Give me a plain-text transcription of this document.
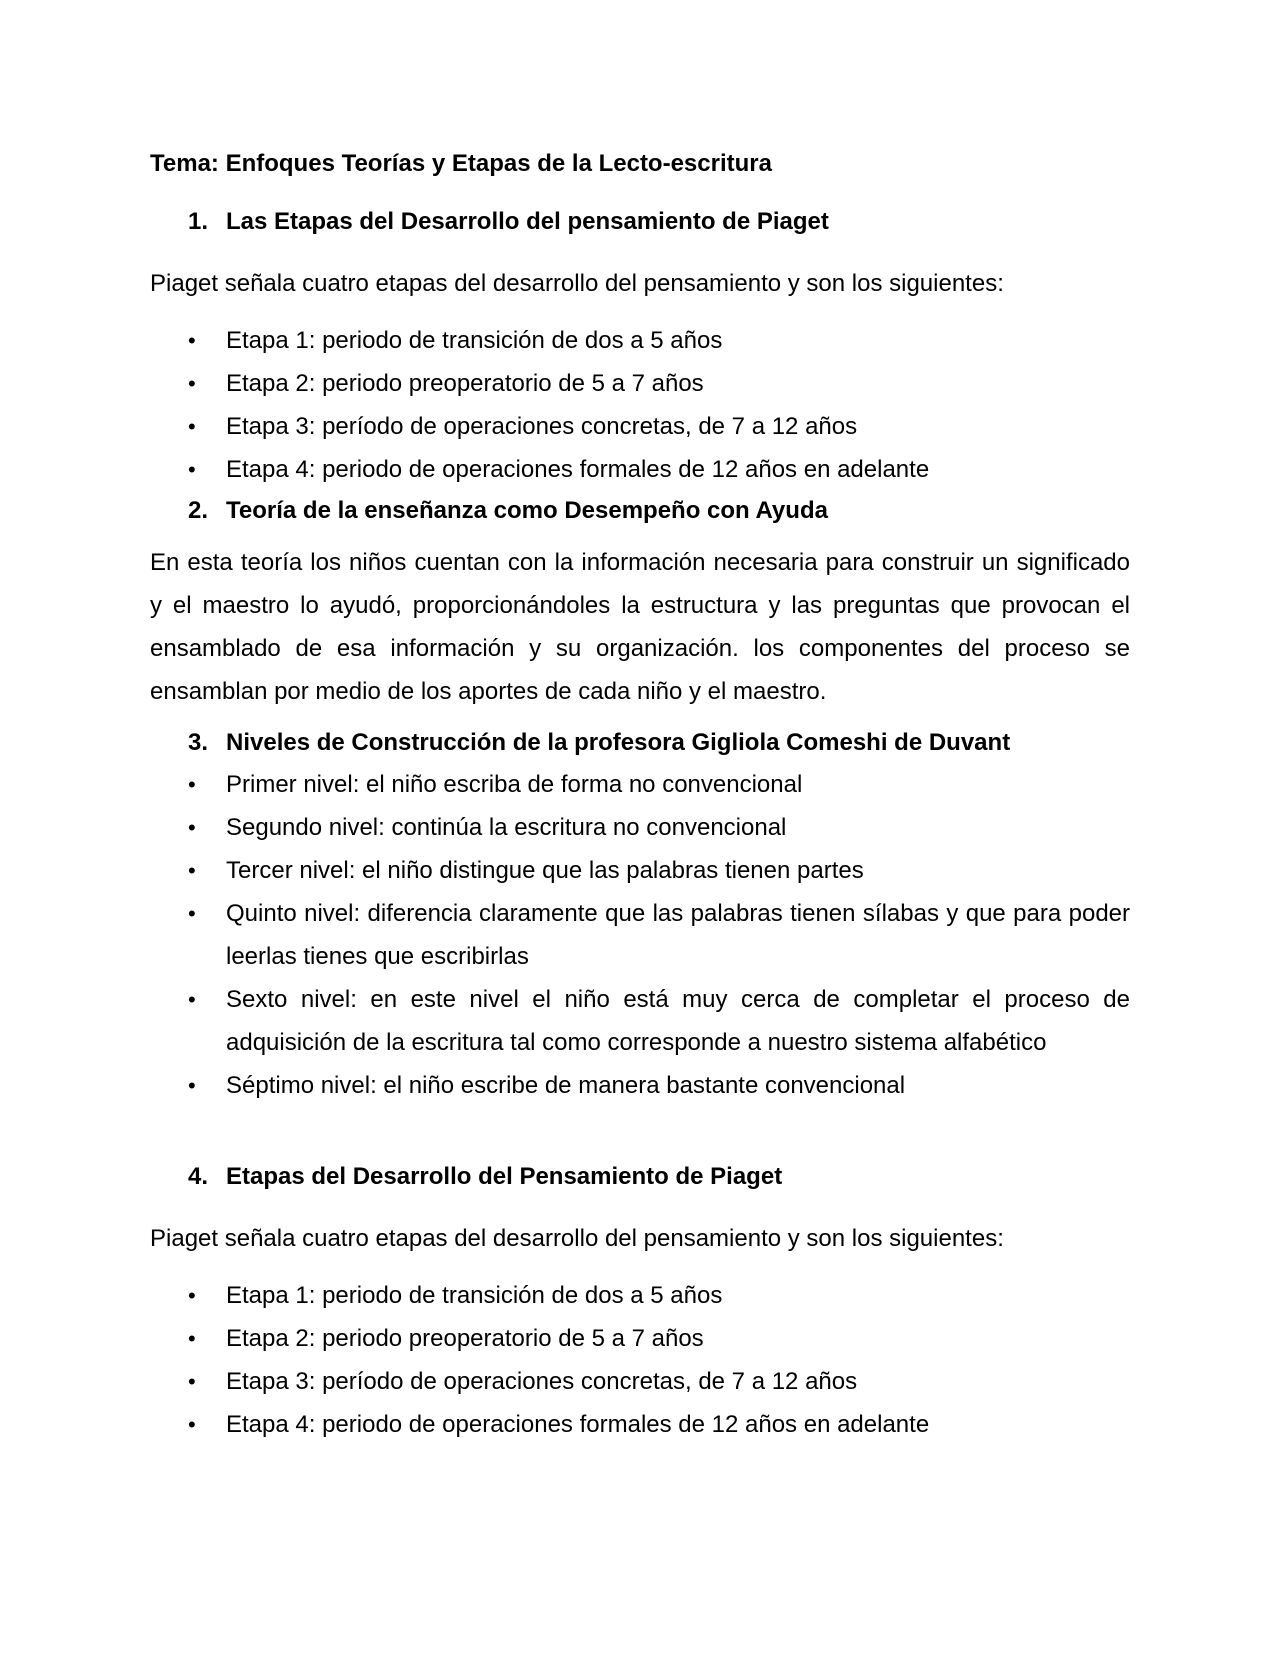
Tema: Enfoques Teorías y Etapas de la Lecto-escritura

1. Las Etapas del Desarrollo del pensamiento de Piaget

Piaget señala cuatro etapas del desarrollo del pensamiento y son los siguientes:

•	Etapa 1: periodo de transición de dos a 5 años
•	Etapa 2: periodo preoperatorio de 5 a 7 años
•	Etapa 3: período de operaciones concretas, de 7 a 12 años
•	Etapa 4: periodo de operaciones formales de 12 años en adelante
2. Teoría de la enseñanza como Desempeño con Ayuda

En esta teoría los niños cuentan con la información necesaria para construir un significado y el maestro lo ayudó, proporcionándoles la estructura y las preguntas que provocan el ensamblado de esa información y su organización. los componentes del proceso se ensamblan por medio de los aportes de cada niño y el maestro.

3. Niveles de Construcción de la profesora Gigliola Comeshi de Duvant
•	Primer nivel: el niño escriba de forma no convencional
•	Segundo nivel: continúa la escritura no convencional
•	Tercer nivel: el niño distingue que las palabras tienen partes
•	Quinto nivel: diferencia claramente que las palabras tienen sílabas y que para poder leerlas tienes que escribirlas
•	Sexto nivel: en este nivel el niño está muy cerca de completar el proceso de adquisición de la escritura tal como corresponde a nuestro sistema alfabético
•	Séptimo nivel: el niño escribe de manera bastante convencional
4. Etapas del Desarrollo del Pensamiento de Piaget

Piaget señala cuatro etapas del desarrollo del pensamiento y son los siguientes:

•	Etapa 1: periodo de transición de dos a 5 años
•	Etapa 2: periodo preoperatorio de 5 a 7 años
•	Etapa 3: período de operaciones concretas, de 7 a 12 años
•	Etapa 4: periodo de operaciones formales de 12 años en adelante
